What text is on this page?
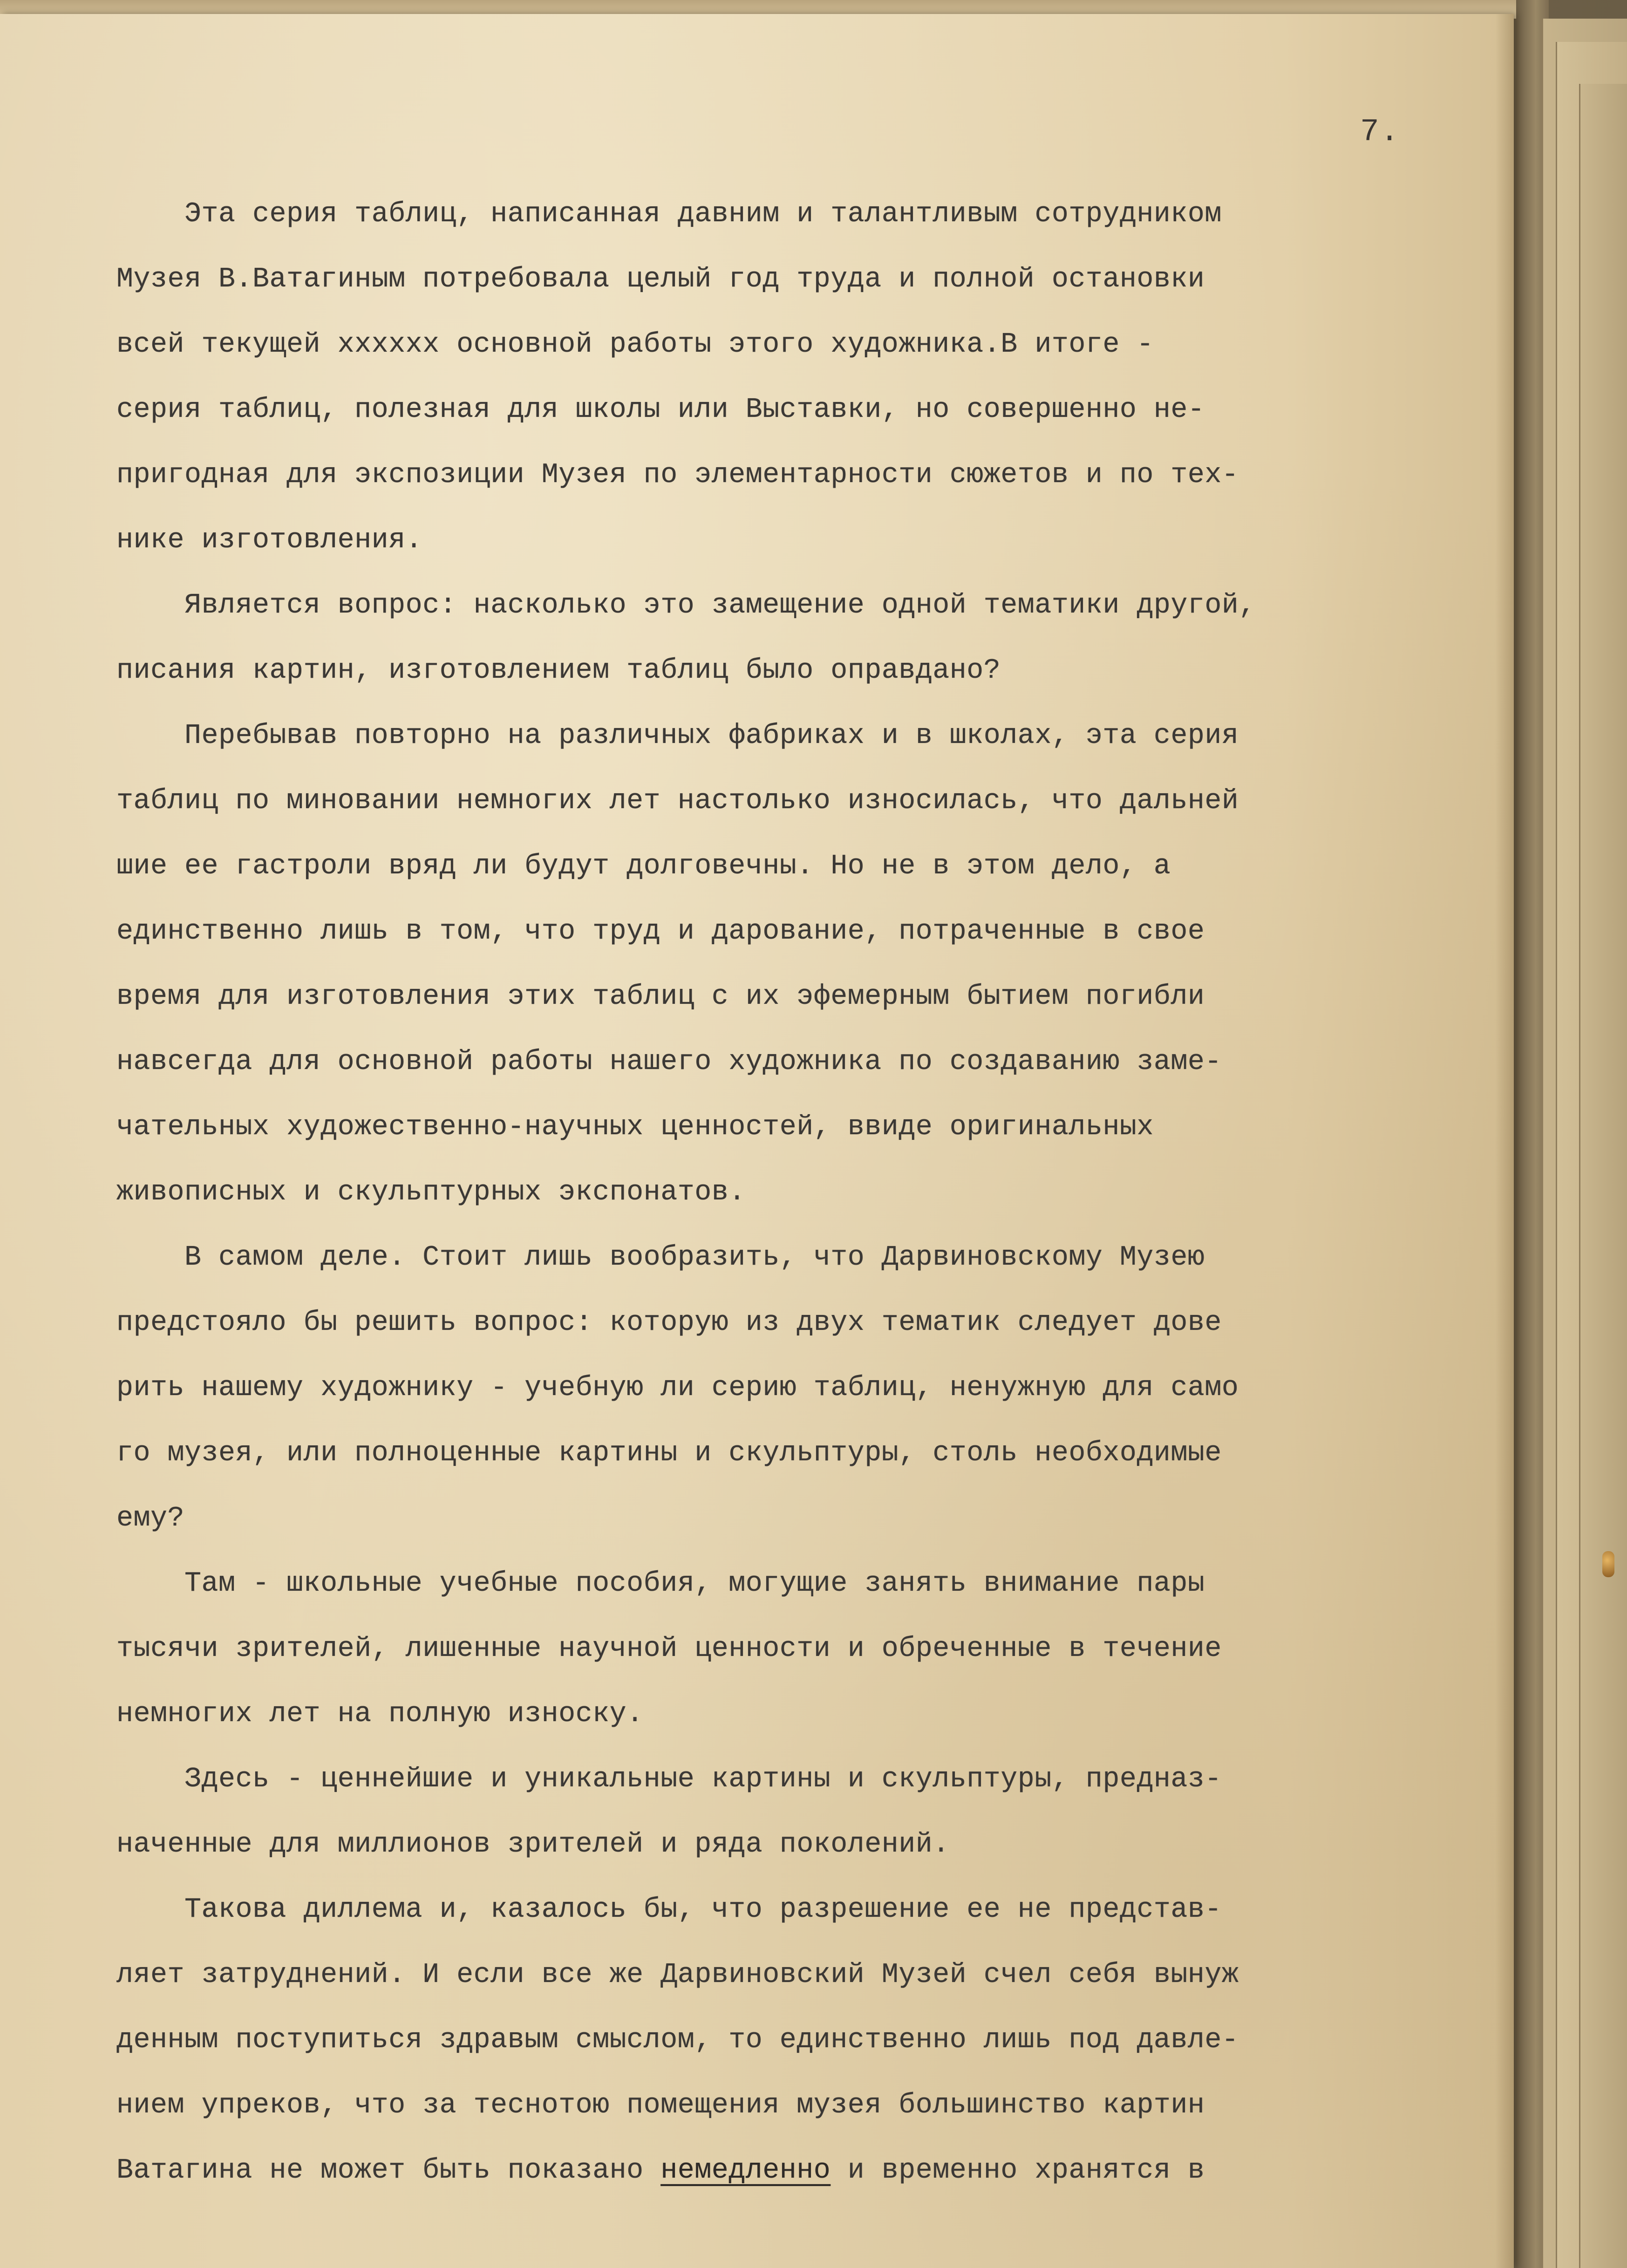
7.
Эта серия таблиц, написанная давним и талантливым сотрудником
Музея В.Ватагиным потребовала целый год труда и полной остановки
всей текущей xxxxxx основной работы этого художника.В итоге -
серия таблиц, полезная для школы или Выставки, но совершенно не-
пригодная для экспозиции Музея по элементарности сюжетов и по тех-
нике изготовления.
Является вопрос: насколько это замещение одной тематики другой,
писания картин, изготовлением таблиц было оправдано?
Перебывав повторно на различных фабриках и в школах, эта серия
таблиц по миновании немногих лет настолько износилась, что дальней
шие ее гастроли вряд ли будут долговечны. Но не в этом дело, а
единственно лишь в том, что труд и дарование, потраченные в свое
время для изготовления этих таблиц с их эфемерным бытием погибли
навсегда для основной работы нашего художника по создаванию заме-
чательных художественно-научных ценностей, ввиде оригинальных
живописных и скульптурных экспонатов.
В самом деле. Стоит лишь вообразить, что Дарвиновскому Музею
предстояло бы решить вопрос: которую из двух тематик следует дове
рить нашему художнику - учебную ли серию таблиц, ненужную для само
го музея, или полноценные картины и скульптуры, столь необходимые
ему?
Там - школьные учебные пособия, могущие занять внимание пары
тысячи зрителей, лишенные научной ценности и обреченные в течение
немногих лет на полную износку.
Здесь - ценнейшие и уникальные картины и скульптуры, предназ-
наченные для миллионов зрителей и ряда поколений.
Такова диллема и, казалось бы, что разрешение ее не представ-
ляет затруднений. И если все же Дарвиновский Музей счел себя вынуж
денным поступиться здравым смыслом, то единственно лишь под давле-
нием упреков, что за теснотою помещения музея большинство картин
Ватагина не может быть показано немедленно и временно хранятся в
